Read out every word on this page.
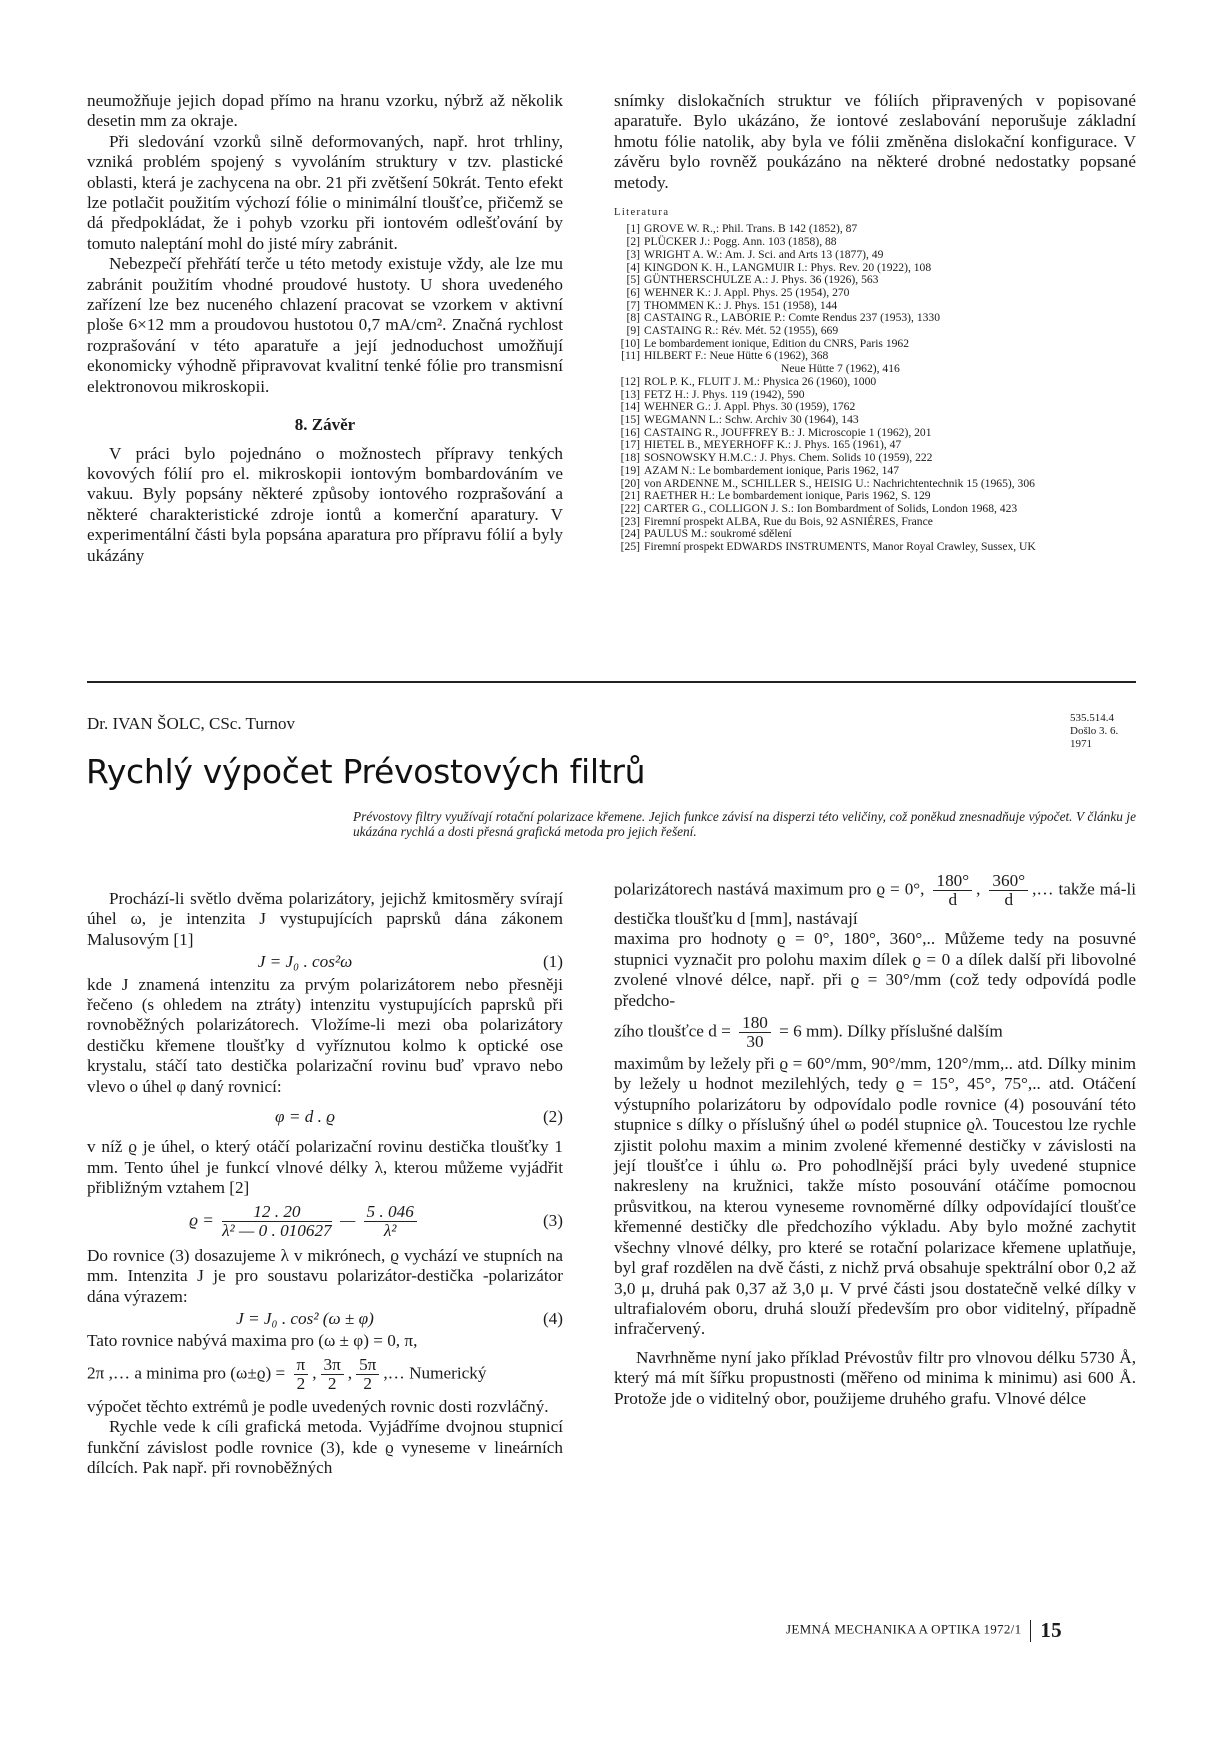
neumožňuje jejich dopad přímo na hranu vzorku, nýbrž až několik desetin mm za okraje.

Při sledování vzorků silně deformovaných, např. hrot trhliny, vzniká problém spojený s vyvoláním struktury v tzv. plastické oblasti, která je zachycena na obr. 21 při zvětšení 50krát. Tento efekt lze potlačit použitím výchozí fólie o minimální tloušťce, přičemž se dá předpokládat, že i pohyb vzorku při iontovém odlešťování by tomuto naleptání mohl do jisté míry zabránit.

Nebezpečí přehřátí terče u této metody existuje vždy, ale lze mu zabránit použitím vhodné proudové hustoty. U shora uvedeného zařízení lze bez nuceného chlazení pracovat se vzorkem v aktivní ploše 6×12 mm a proudovou hustotou 0,7 mA/cm². Značná rychlost rozprašování v této aparatuře a její jednoduchost umožňují ekonomicky výhodně připravovat kvalitní tenké fólie pro transmisní elektronovou mikroskopii.

8. Závěr

V práci bylo pojednáno o možnostech přípravy tenkých kovových fólií pro el. mikroskopii iontovým bombardováním ve vakuu. Byly popsány některé způsoby iontového rozprašování a některé charakteristické zdroje iontů a komerční aparatury. V experimentální části byla popsána aparatura pro přípravu fólií a byly ukázány

snímky dislokačních struktur ve fóliích připravených v popisované aparatuře. Bylo ukázáno, že iontové zeslabování neporušuje základní hmotu fólie natolik, aby byla ve fólii změněna dislokační konfigurace. V závěru bylo rovněž poukázáno na některé drobné nedostatky popsané metody.

Literatura

[1] GROVE W. R.,: Phil. Trans. B 142 (1852), 87
[2] PLÜCKER J.: Pogg. Ann. 103 (1858), 88
[3] WRIGHT A. W.: Am. J. Sci. and Arts 13 (1877), 49
[4] KINGDON K. H., LANGMUIR I.: Phys. Rev. 20 (1922), 108
[5] GÜNTHERSCHULZE A.: J. Phys. 36 (1926), 563
[6] WEHNER K.: J. Appl. Phys. 25 (1954), 270
[7] THOMMEN K.: J. Phys. 151 (1958), 144
[8] CASTAING R., LABORIE P.: Comte Rendus 237 (1953), 1330
[9] CASTAING R.: Rév. Mét. 52 (1955), 669
[10] Le bombardement ionique, Edition du CNRS, Paris 1962
[11] HILBERT F.: Neue Hütte 6 (1962), 368
Neue Hütte 7 (1962), 416
[12] ROL P. K., FLUIT J. M.: Physica 26 (1960), 1000
[13] FETZ H.: J. Phys. 119 (1942), 590
[14] WEHNER G.: J. Appl. Phys. 30 (1959), 1762
[15] WEGMANN L.: Schw. Archiv 30 (1964), 143
[16] CASTAING R., JOUFFREY B.: J. Microscopie 1 (1962), 201
[17] HIETEL B., MEYERHOFF K.: J. Phys. 165 (1961), 47
[18] SOSNOWSKY H.M.C.: J. Phys. Chem. Solids 10 (1959), 222
[19] AZAM N.: Le bombardement ionique, Paris 1962, 147
[20] von ARDENNE M., SCHILLER S., HEISIG U.: Nachrichtentechnik 15 (1965), 306
[21] RAETHER H.: Le bombardement ionique, Paris 1962, S. 129
[22] CARTER G., COLLIGON J. S.: Ion Bombardment of Solids, London 1968, 423
[23] Firemní prospekt ALBA, Rue du Bois, 92 ASNIÉRES, France
[24] PAULUS M.: soukromé sdělení
[25] Firemní prospekt EDWARDS INSTRUMENTS, Manor Royal Crawley, Sussex, UK
Dr. IVAN ŠOLC, CSc. Turnov	535.514.4
Došlo 3. 6. 1971
Rychlý výpočet Prévostových filtrů
Prévostovy filtry využívají rotační polarizace křemene. Jejich funkce závisí na disperzi této veličiny, což poněkud znesnadňuje výpočet. V článku je ukázána rychlá a dosti přesná grafická metoda pro jejich řešení.

Prochází-li světlo dvěma polarizátory, jejichž kmitosměry svírají úhel ω, je intenzita J vystupujících paprsků dána zákonem Malusovým [1]

J = J₀ . cos²ω	(1)

kde J znamená intenzitu za prvým polarizátorem nebo přesněji řečeno (s ohledem na ztráty) intenzitu vystupujících paprsků při rovnoběžných polarizátorech. Vložíme-li mezi oba polarizátory destičku křemene tloušťky d vyříznutou kolmo k optické ose krystalu, stáčí tato destička polarizační rovinu buď vpravo nebo vlevo o úhel φ daný rovnicí:

φ = d . ϱ	(2)

v níž ϱ je úhel, o který otáčí polarizační rovinu destička tloušťky 1 mm. Tento úhel je funkcí vlnové délky λ, kterou můžeme vyjádřit přibližným vztahem [2]

$ϱ = \frac{12 . 20}{\text{λ² — 0 . 010627}}$ — $\frac{5 . 046}{\text{λ²}}$	(3)

Do rovnice (3) dosazujeme λ v mikrónech, ϱ vychází ve stupních na mm. Intenzita J je pro soustavu polarizátor-destička -polarizátor dána výrazem:

J = J₀ . cos² (ω ± φ)	(4)

Tato rovnice nabývá maxima pro (ω ± φ) = 0, π,

2π ,… a minima pro $(\omega\pm ϱ) = \frac{\pi}{2}$ , $\frac{3\pi}{2}$ , $\frac{5\pi}{2}$ ,… Numerický

výpočet těchto extrémů je podle uvedených rovnic dosti rozvláčný.

Rychle vede k cíli grafická metoda. Vyjádříme dvojnou stupnicí funkční závislost podle rovnice (3), kde ϱ vyneseme v lineárních dílcích. Pak např. při rovnoběžných

polarizátorech nastává maximum pro ϱ = 0°, $\frac{180^\circ}{d}$ , $\frac{360^\circ}{d}$ ,… takže má-li destička tloušťku d [mm], nastávají

maxima pro hodnoty ϱ = 0°, 180°, 360°,.. Můžeme tedy na posuvné stupnici vyznačit pro polohu maxim dílek ϱ = 0 a dílek další při libovolné zvolené vlnové délce, např. při ϱ = 30°/mm (což tedy odpovídá podle předcho-

zího tloušťce $d = \frac{180}{30} = 6$ mm). Dílky příslušné dalším

maximům by ležely při ϱ = 60°/mm, 90°/mm, 120°/mm,.. atd. Dílky minim by ležely u hodnot mezilehlých, tedy ϱ = 15°, 45°, 75°,.. atd. Otáčení výstupního polarizátoru by odpovídalo podle rovnice (4) posouvání této stupnice s dílky o příslušný úhel ω podél stupnice ϱλ. Toucestou lze rychle zjistit polohu maxim a minim zvolené křemenné destičky v závislosti na její tloušťce i úhlu ω. Pro pohodlnější práci byly uvedené stupnice nakresleny na kružnici, takže místo posouvání otáčíme pomocnou průsvitkou, na kterou vyneseme rovnoměrné dílky odpovídající tloušťce křemenné destičky dle předchozího výkladu. Aby bylo možné zachytit všechny vlnové délky, pro které se rotační polarizace křemene uplatňuje, byl graf rozdělen na dvě části, z nichž prvá obsahuje spektrální obor 0,2 až 3,0 μ, druhá pak 0,37 až 3,0 μ. V prvé části jsou dostatečně velké dílky v ultrafialovém oboru, druhá slouží především pro obor viditelný, případně infračervený.

Navrhněme nyní jako příklad Prévostův filtr pro vlnovou délku 5730 Å, který má mít šířku propustnosti (měřeno od minima k minimu) asi 600 Å. Protože jde o viditelný obor, použijeme druhého grafu. Vlnové délce

JEMNÁ MECHANIKA A OPTIKA 1972/1 15
